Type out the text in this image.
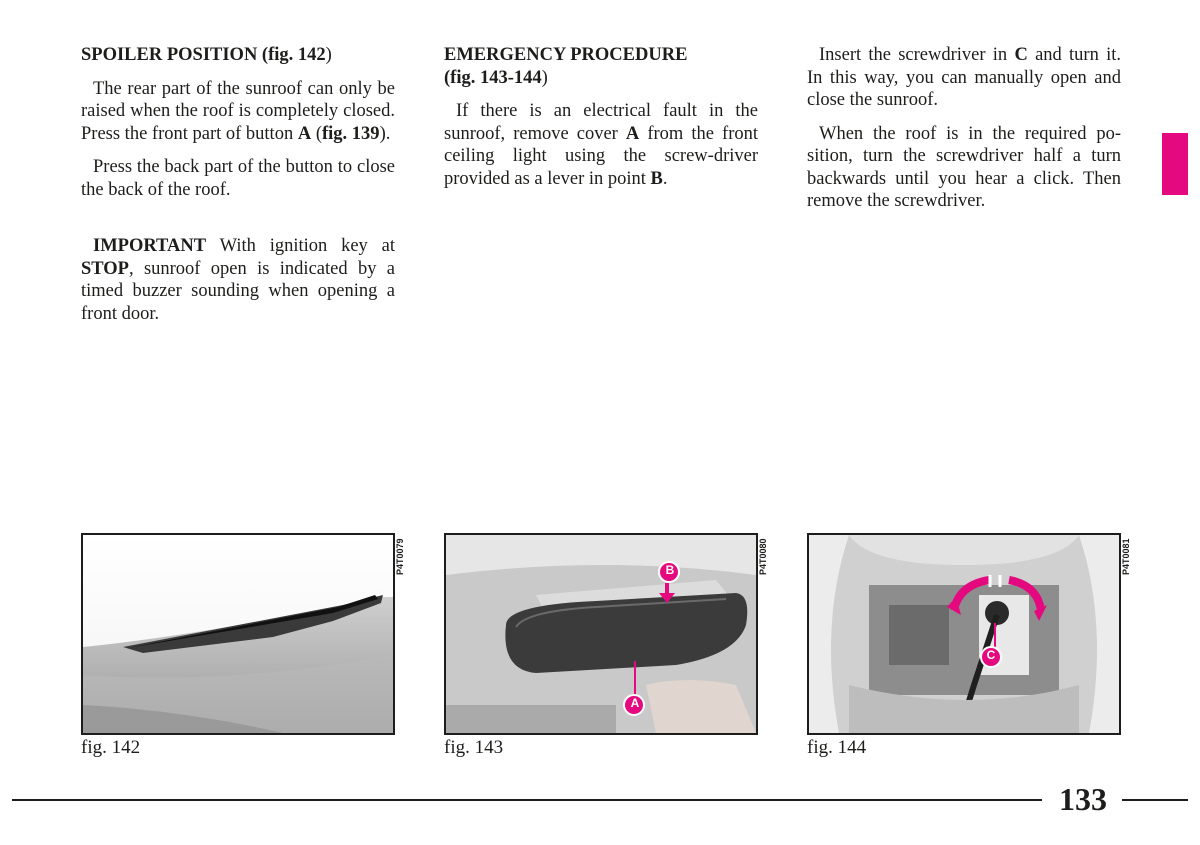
SPOILER POSITION (fig. 142)

The rear part of the sunroof can only be raised when the roof is completely closed. Press the front part of button A (fig. 139).

Press the back part of the button to close the back of the roof.

IMPORTANT With ignition key at STOP, sunroof open is indicated by a timed buzzer sounding when opening a front door.

EMERGENCY PROCEDURE
(fig. 143-144)

If there is an electrical fault in the sunroof, remove cover A from the front ceiling light using the screw-driver provided as a lever in point B.

Insert the screwdriver in C and turn it. In this way, you can manually open and close the sunroof.

When the roof is in the required po-sition, turn the screwdriver half a turn backwards until you hear a click. Then remove the screwdriver.

P4T0079
fig. 142
B
A
P4T0080
fig. 143
C
P4T0081
fig. 144
133
